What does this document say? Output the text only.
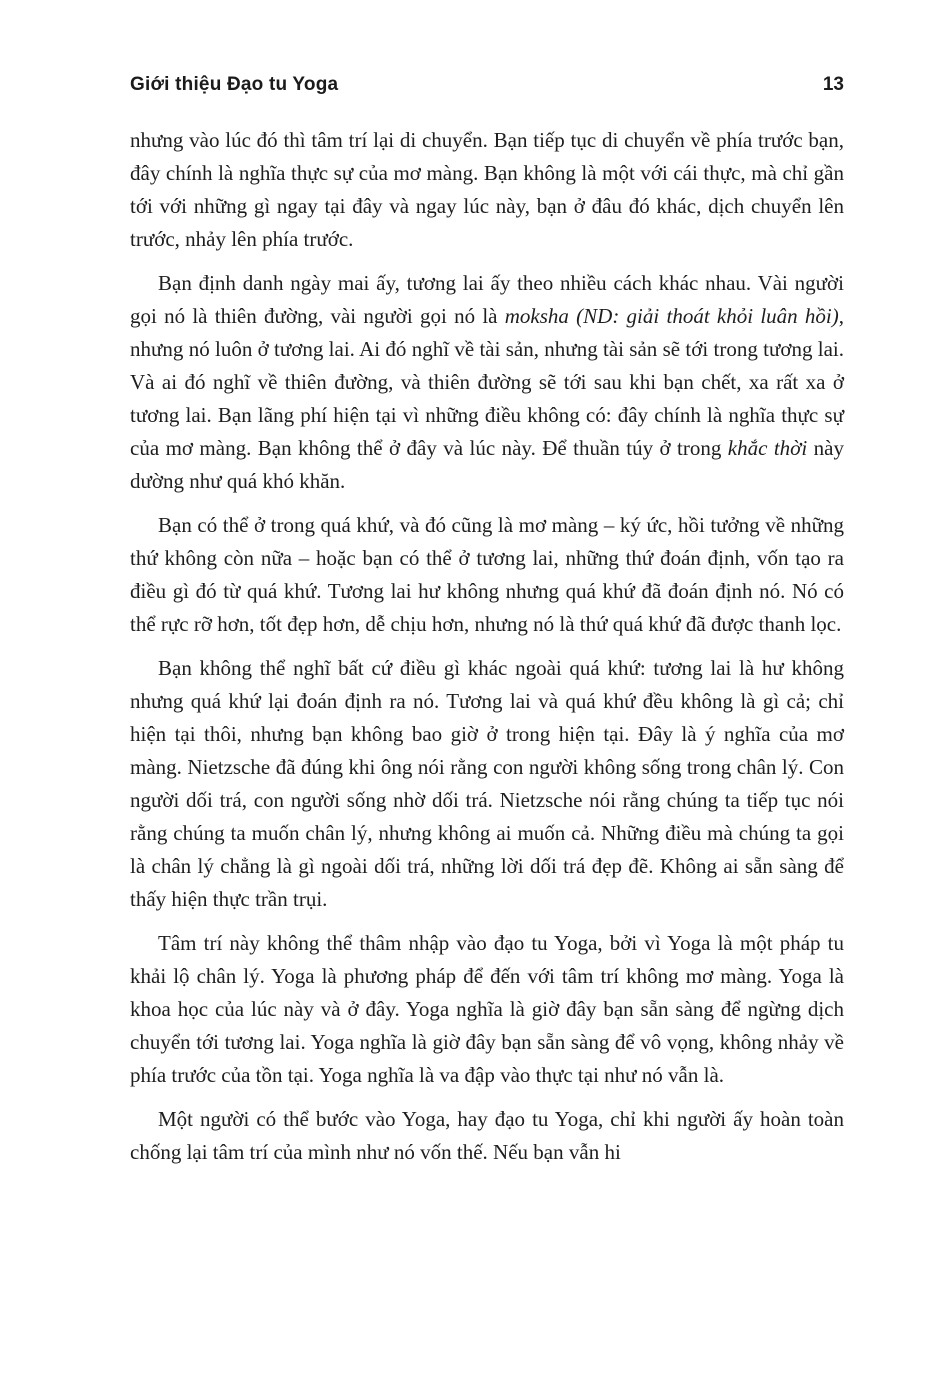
Giới thiệu Đạo tu Yoga	13

nhưng vào lúc đó thì tâm trí lại di chuyển. Bạn tiếp tục di chuyển về phía trước bạn, đây chính là nghĩa thực sự của mơ màng. Bạn không là một với cái thực, mà chỉ gần tới với những gì ngay tại đây và ngay lúc này, bạn ở đâu đó khác, dịch chuyển lên trước, nhảy lên phía trước.

Bạn định danh ngày mai ấy, tương lai ấy theo nhiều cách khác nhau. Vài người gọi nó là thiên đường, vài người gọi nó là moksha (ND: giải thoát khỏi luân hồi), nhưng nó luôn ở tương lai. Ai đó nghĩ về tài sản, nhưng tài sản sẽ tới trong tương lai. Và ai đó nghĩ về thiên đường, và thiên đường sẽ tới sau khi bạn chết, xa rất xa ở tương lai. Bạn lãng phí hiện tại vì những điều không có: đây chính là nghĩa thực sự của mơ màng. Bạn không thể ở đây và lúc này. Để thuần túy ở trong khắc thời này dường như quá khó khăn.

Bạn có thể ở trong quá khứ, và đó cũng là mơ màng – ký ức, hồi tưởng về những thứ không còn nữa – hoặc bạn có thể ở tương lai, những thứ đoán định, vốn tạo ra điều gì đó từ quá khứ. Tương lai hư không nhưng quá khứ đã đoán định nó. Nó có thể rực rỡ hơn, tốt đẹp hơn, dễ chịu hơn, nhưng nó là thứ quá khứ đã được thanh lọc.

Bạn không thể nghĩ bất cứ điều gì khác ngoài quá khứ: tương lai là hư không nhưng quá khứ lại đoán định ra nó. Tương lai và quá khứ đều không là gì cả; chỉ hiện tại thôi, nhưng bạn không bao giờ ở trong hiện tại. Đây là ý nghĩa của mơ màng. Nietzsche đã đúng khi ông nói rằng con người không sống trong chân lý. Con người dối trá, con người sống nhờ dối trá. Nietzsche nói rằng chúng ta tiếp tục nói rằng chúng ta muốn chân lý, nhưng không ai muốn cả. Những điều mà chúng ta gọi là chân lý chẳng là gì ngoài dối trá, những lời dối trá đẹp đẽ. Không ai sẵn sàng để thấy hiện thực trần trụi.

Tâm trí này không thể thâm nhập vào đạo tu Yoga, bởi vì Yoga là một pháp tu khải lộ chân lý. Yoga là phương pháp để đến với tâm trí không mơ màng. Yoga là khoa học của lúc này và ở đây. Yoga nghĩa là giờ đây bạn sẵn sàng để ngừng dịch chuyển tới tương lai. Yoga nghĩa là giờ đây bạn sẵn sàng để vô vọng, không nhảy về phía trước của tồn tại. Yoga nghĩa là va đập vào thực tại như nó vẫn là.

Một người có thể bước vào Yoga, hay đạo tu Yoga, chỉ khi người ấy hoàn toàn chống lại tâm trí của mình như nó vốn thế. Nếu bạn vẫn hi
